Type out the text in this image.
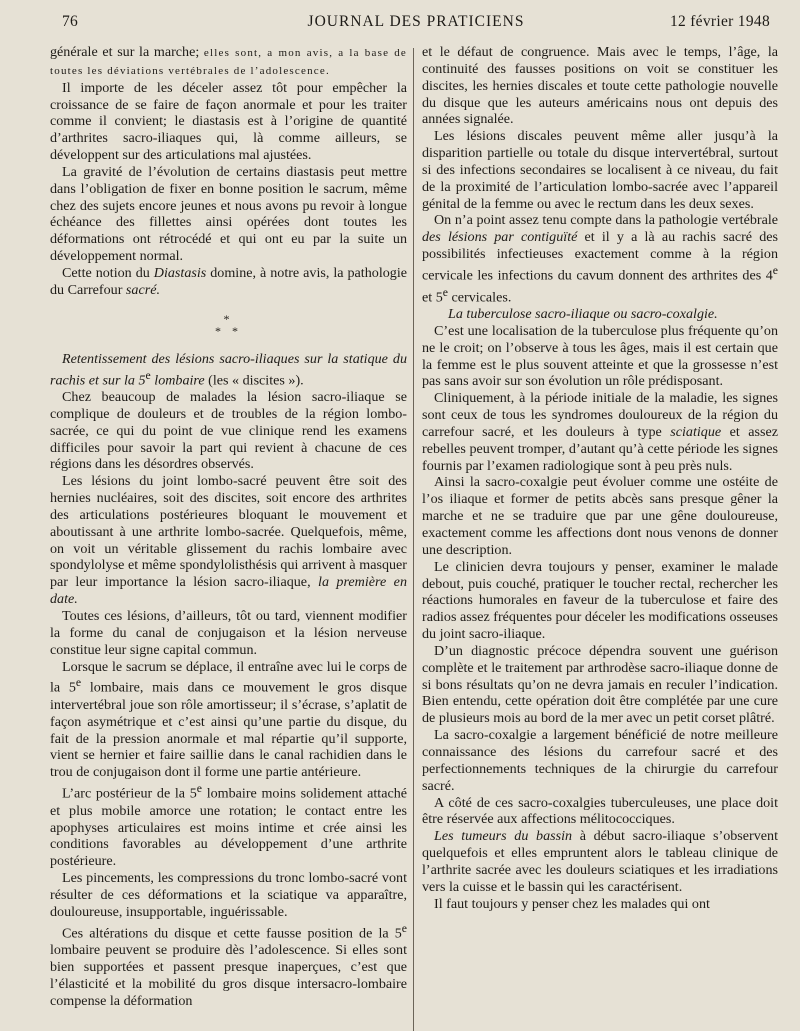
76	JOURNAL DES PRATICIENS	12 février 1948

générale et sur la marche; elles sont, a mon avis, a la base de toutes les déviations vertébrales de l’adolescence.

Il importe de les déceler assez tôt pour empêcher la croissance de se faire de façon anormale et pour les traiter comme il convient; le diastasis est à l’origine de quantité d’arthrites sacro-iliaques qui, là comme ailleurs, se développent sur des articulations mal ajustées.

La gravité de l’évolution de certains diastasis peut mettre dans l’obligation de fixer en bonne position le sacrum, même chez des sujets encore jeunes et nous avons pu revoir à longue échéance des fillettes ainsi opérées dont toutes les déformations ont rétrocédé et qui ont eu par la suite un développement normal.

Cette notion du Diastasis domine, à notre avis, la pathologie du Carrefour sacré.

*
* *

Retentissement des lésions sacro-iliaques sur la statique du rachis et sur la 5e lombaire (les « discites »).

Chez beaucoup de malades la lésion sacro-iliaque se complique de douleurs et de troubles de la région lombo-sacrée, ce qui du point de vue clinique rend les examens difficiles pour savoir la part qui revient à chacune de ces régions dans les désordres observés.

Les lésions du joint lombo-sacré peuvent être soit des hernies nucléaires, soit des discites, soit encore des arthrites des articulations postérieures bloquant le mouvement et aboutissant à une arthrite lombo-sacrée. Quelquefois, même, on voit un véritable glissement du rachis lombaire avec spondylolyse et même spondylolisthésis qui arrivent à masquer par leur importance la lésion sacro-iliaque, la première en date.

Toutes ces lésions, d’ailleurs, tôt ou tard, viennent modifier la forme du canal de conjugaison et la lésion nerveuse constitue leur signe capital commun.

Lorsque le sacrum se déplace, il entraîne avec lui le corps de la 5e lombaire, mais dans ce mouvement le gros disque intervertébral joue son rôle amortisseur; il s’écrase, s’aplatit de façon asymétrique et c’est ainsi qu’une partie du disque, du fait de la pression anormale et mal répartie qu’il supporte, vient se hernier et faire saillie dans le canal rachidien dans le trou de conjugaison dont il forme une partie antérieure.

L’arc postérieur de la 5e lombaire moins solidement attaché et plus mobile amorce une rotation; le contact entre les apophyses articulaires est moins intime et crée ainsi les conditions favorables au développement d’une arthrite postérieure.

Les pincements, les compressions du tronc lombo-sacré vont résulter de ces déformations et la sciatique va apparaître, douloureuse, insupportable, inguérissable.

Ces altérations du disque et cette fausse position de la 5e lombaire peuvent se produire dès l’adolescence. Si elles sont bien supportées et passent presque inaperçues, c’est que l’élasticité et la mobilité du gros disque intersacro-lombaire compense la déformation

et le défaut de congruence. Mais avec le temps, l’âge, la continuité des fausses positions on voit se constituer les discites, les hernies discales et toute cette pathologie nouvelle du disque que les auteurs américains nous ont depuis des années signalée.

Les lésions discales peuvent même aller jusqu’à la disparition partielle ou totale du disque intervertébral, surtout si des infections secondaires se localisent à ce niveau, du fait de la proximité de l’articulation lombo-sacrée avec l’appareil génital de la femme ou avec le rectum dans les deux sexes.

On n’a point assez tenu compte dans la pathologie vertébrale des lésions par contiguïté et il y a là au rachis sacré des possibilités infectieuses exactement comme à la région cervicale les infections du cavum donnent des arthrites des 4e et 5e cervicales.

La tuberculose sacro-iliaque ou sacro-coxalgie.

C’est une localisation de la tuberculose plus fréquente qu’on ne le croit; on l’observe à tous les âges, mais il est certain que la femme est le plus souvent atteinte et que la grossesse n’est pas sans avoir sur son évolution un rôle prédisposant.

Cliniquement, à la période initiale de la maladie, les signes sont ceux de tous les syndromes douloureux de la région du carrefour sacré, et les douleurs à type sciatique et assez rebelles peuvent tromper, d’autant qu’à cette période les signes fournis par l’examen radiologique sont à peu près nuls.

Ainsi la sacro-coxalgie peut évoluer comme une ostéite de l’os iliaque et former de petits abcès sans presque gêner la marche et ne se traduire que par une gêne douloureuse, exactement comme les affections dont nous venons de donner une description.

Le clinicien devra toujours y penser, examiner le malade debout, puis couché, pratiquer le toucher rectal, rechercher les réactions humorales en faveur de la tuberculose et faire des radios assez fréquentes pour déceler les modifications osseuses du joint sacro-iliaque.

D’un diagnostic précoce dépendra souvent une guérison complète et le traitement par arthrodèse sacro-iliaque donne de si bons résultats qu’on ne devra jamais en reculer l’indication. Bien entendu, cette opération doit être complétée par une cure de plusieurs mois au bord de la mer avec un petit corset plâtré.

La sacro-coxalgie a largement bénéficié de notre meilleure connaissance des lésions du carrefour sacré et des perfectionnements techniques de la chirurgie du carrefour sacré.

A côté de ces sacro-coxalgies tuberculeuses, une place doit être réservée aux affections mélitococciques.

Les tumeurs du bassin à début sacro-iliaque s’observent quelquefois et elles empruntent alors le tableau clinique de l’arthrite sacrée avec les douleurs sciatiques et les irradiations vers la cuisse et le bassin qui les caractérisent.

Il faut toujours y penser chez les malades qui ont
